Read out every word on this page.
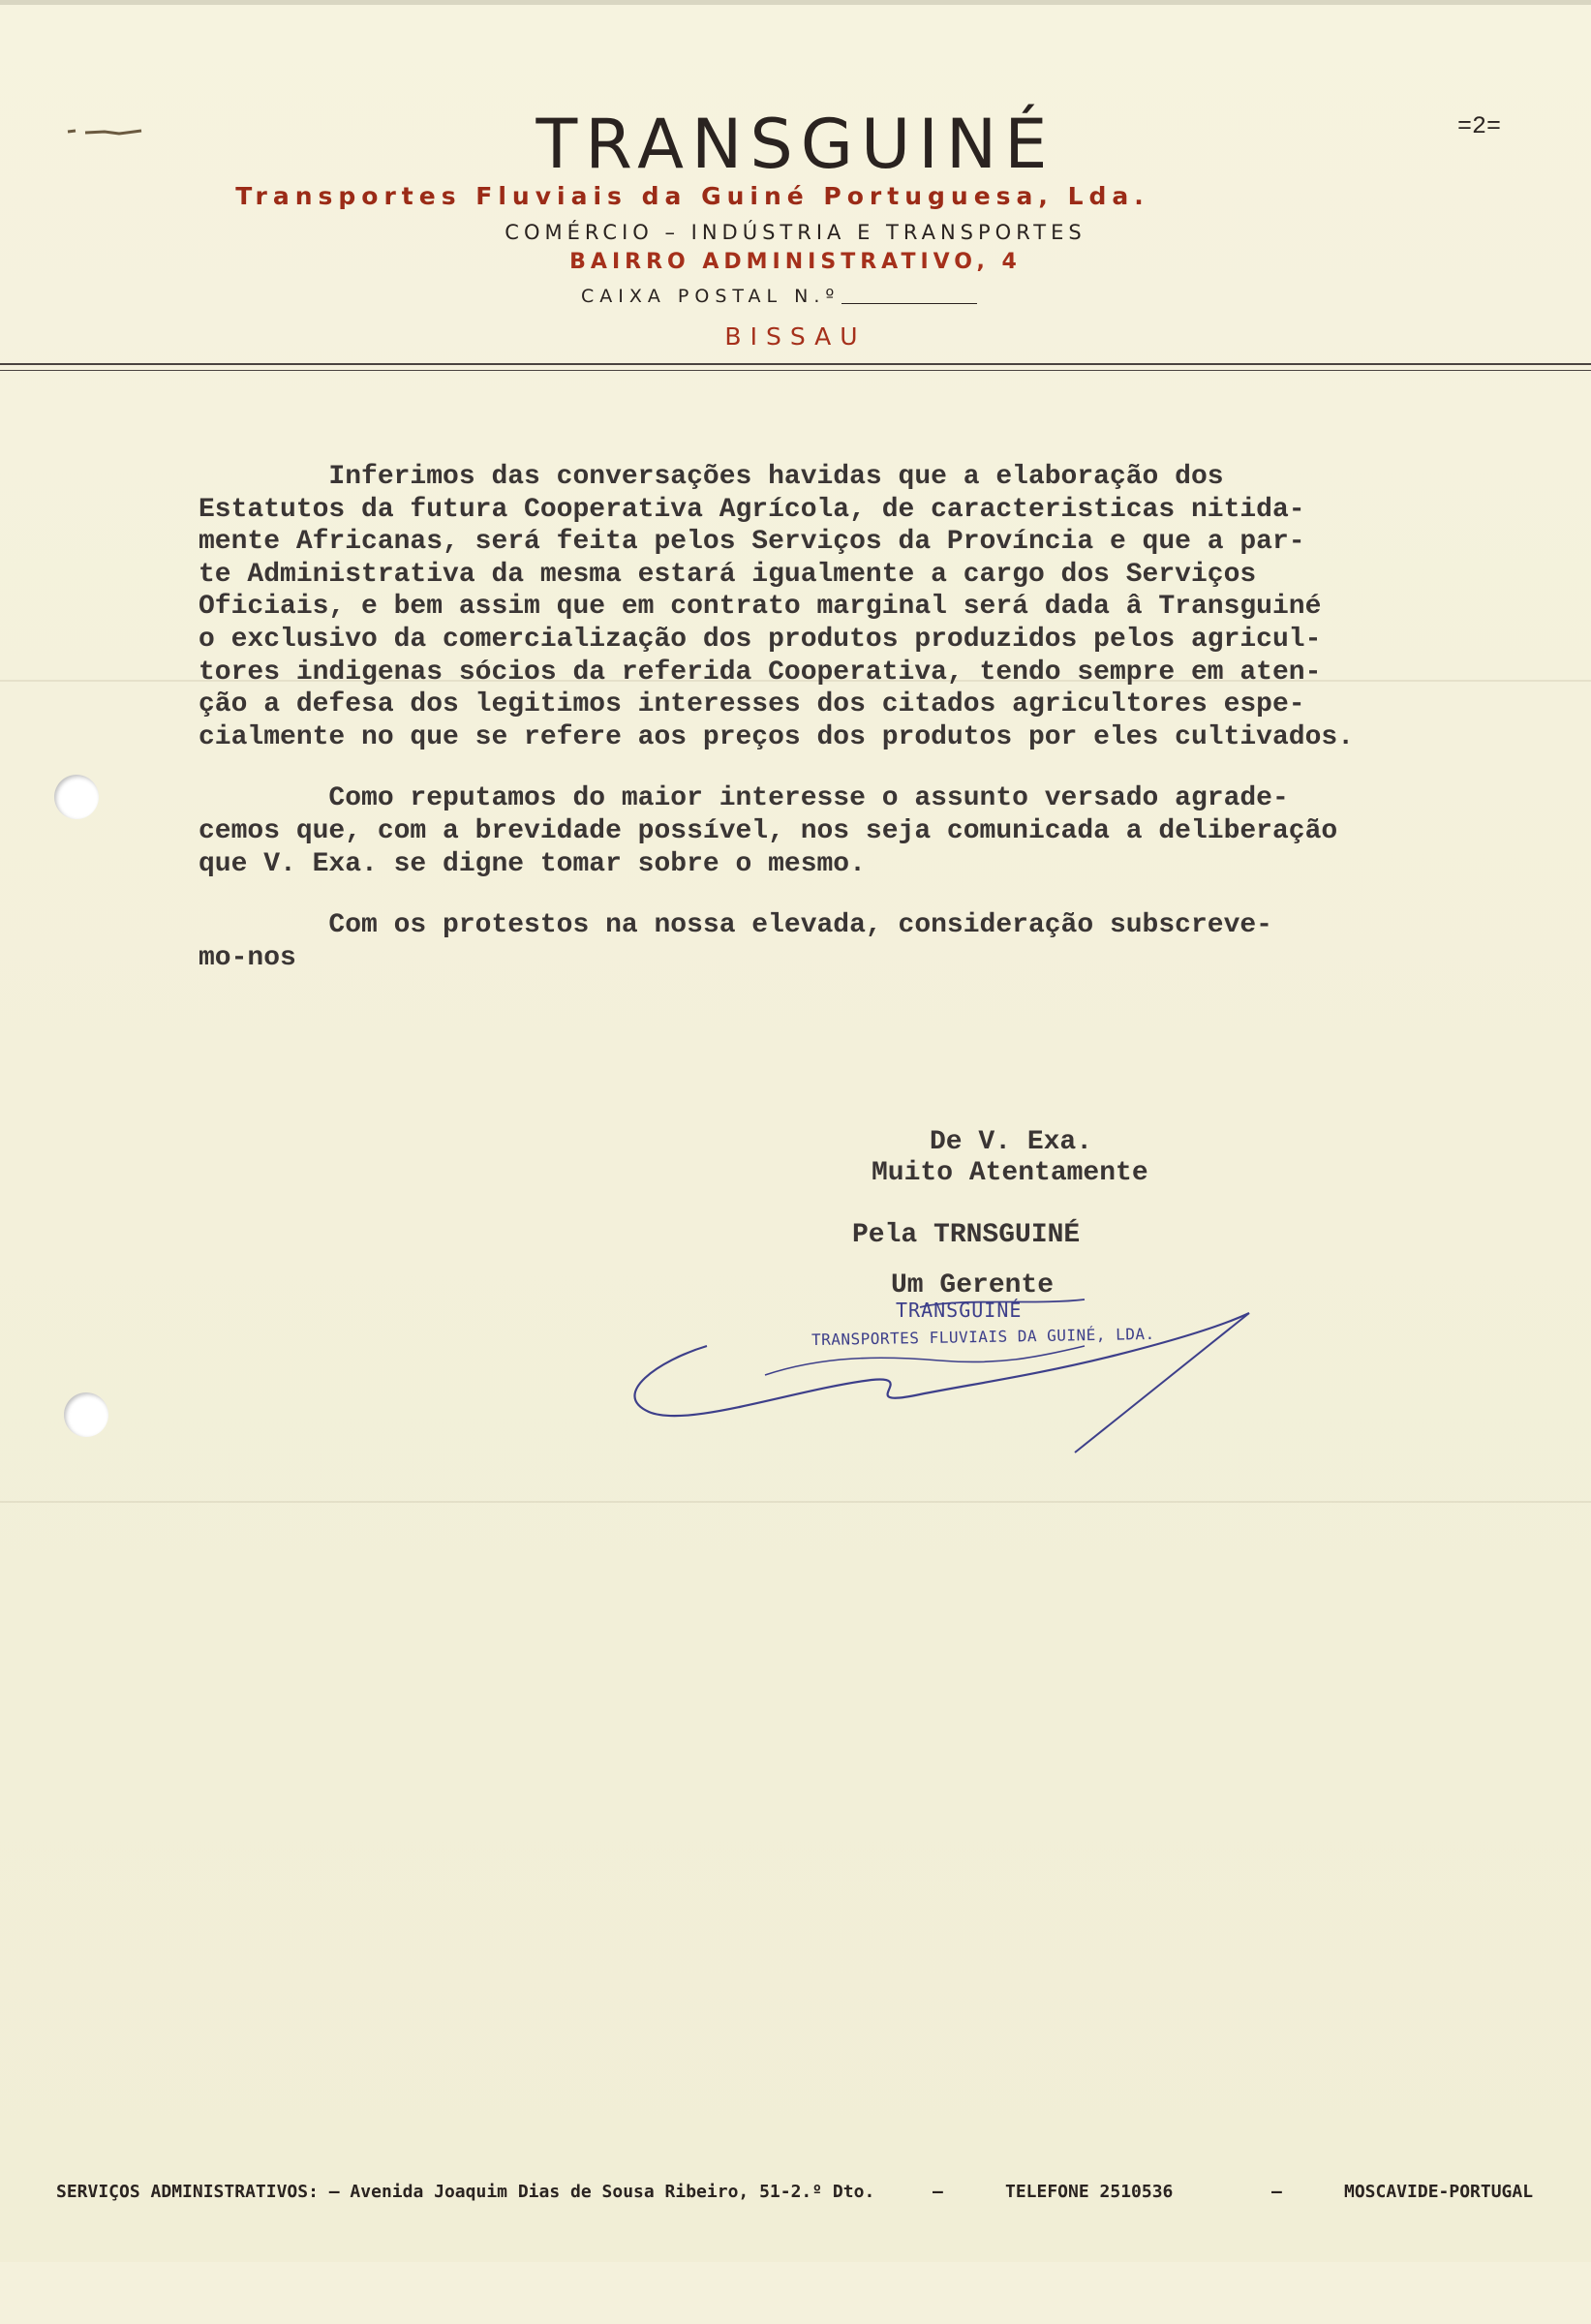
TRANSGUINÉ
Transportes Fluviais da Guiné Portuguesa, Lda.
COMÉRCIO – INDÚSTRIA E TRANSPORTES
BAIRRO ADMINISTRATIVO, 4
CAIXA POSTAL N.º
BISSAU
=2=
Inferimos das conversações havidas que a elaboração dos
Estatutos da futura Cooperativa Agrícola, de caracteristicas nitida-
mente Africanas, será feita pelos Serviços da Província e que a par-
te Administrativa da mesma estará igualmente a cargo dos Serviços
Oficiais, e bem assim que em contrato marginal será dada â Transguiné
o exclusivo da comercialização dos produtos produzidos pelos agricul-
tores indigenas sócios da referida Cooperativa, tendo sempre em aten-
ção a defesa dos legitimos interesses dos citados agricultores espe-
cialmente no que se refere aos preços dos produtos por eles cultivados.
Como reputamos do maior interesse o assunto versado agrade-
cemos que, com a brevidade possível, nos seja comunicada a deliberação
que V. Exa. se digne tomar sobre o mesmo.
Com os protestos na nossa elevada, consideração subscreve-
mo-nos
De V. Exa.
Muito Atentamente
Pela TRNSGUINÉ
Um Gerente
TRANSGUINÉ
TRANSPORTES FLUVIAIS DA GUINÉ, LDA.

SERVIÇOS ADMINISTRATIVOS: — Avenida Joaquim Dias de Sousa Ribeiro, 51-2.º Dto.

	—

	TELEFONE 2510536

	—

	MOSCAVIDE-PORTUGAL
